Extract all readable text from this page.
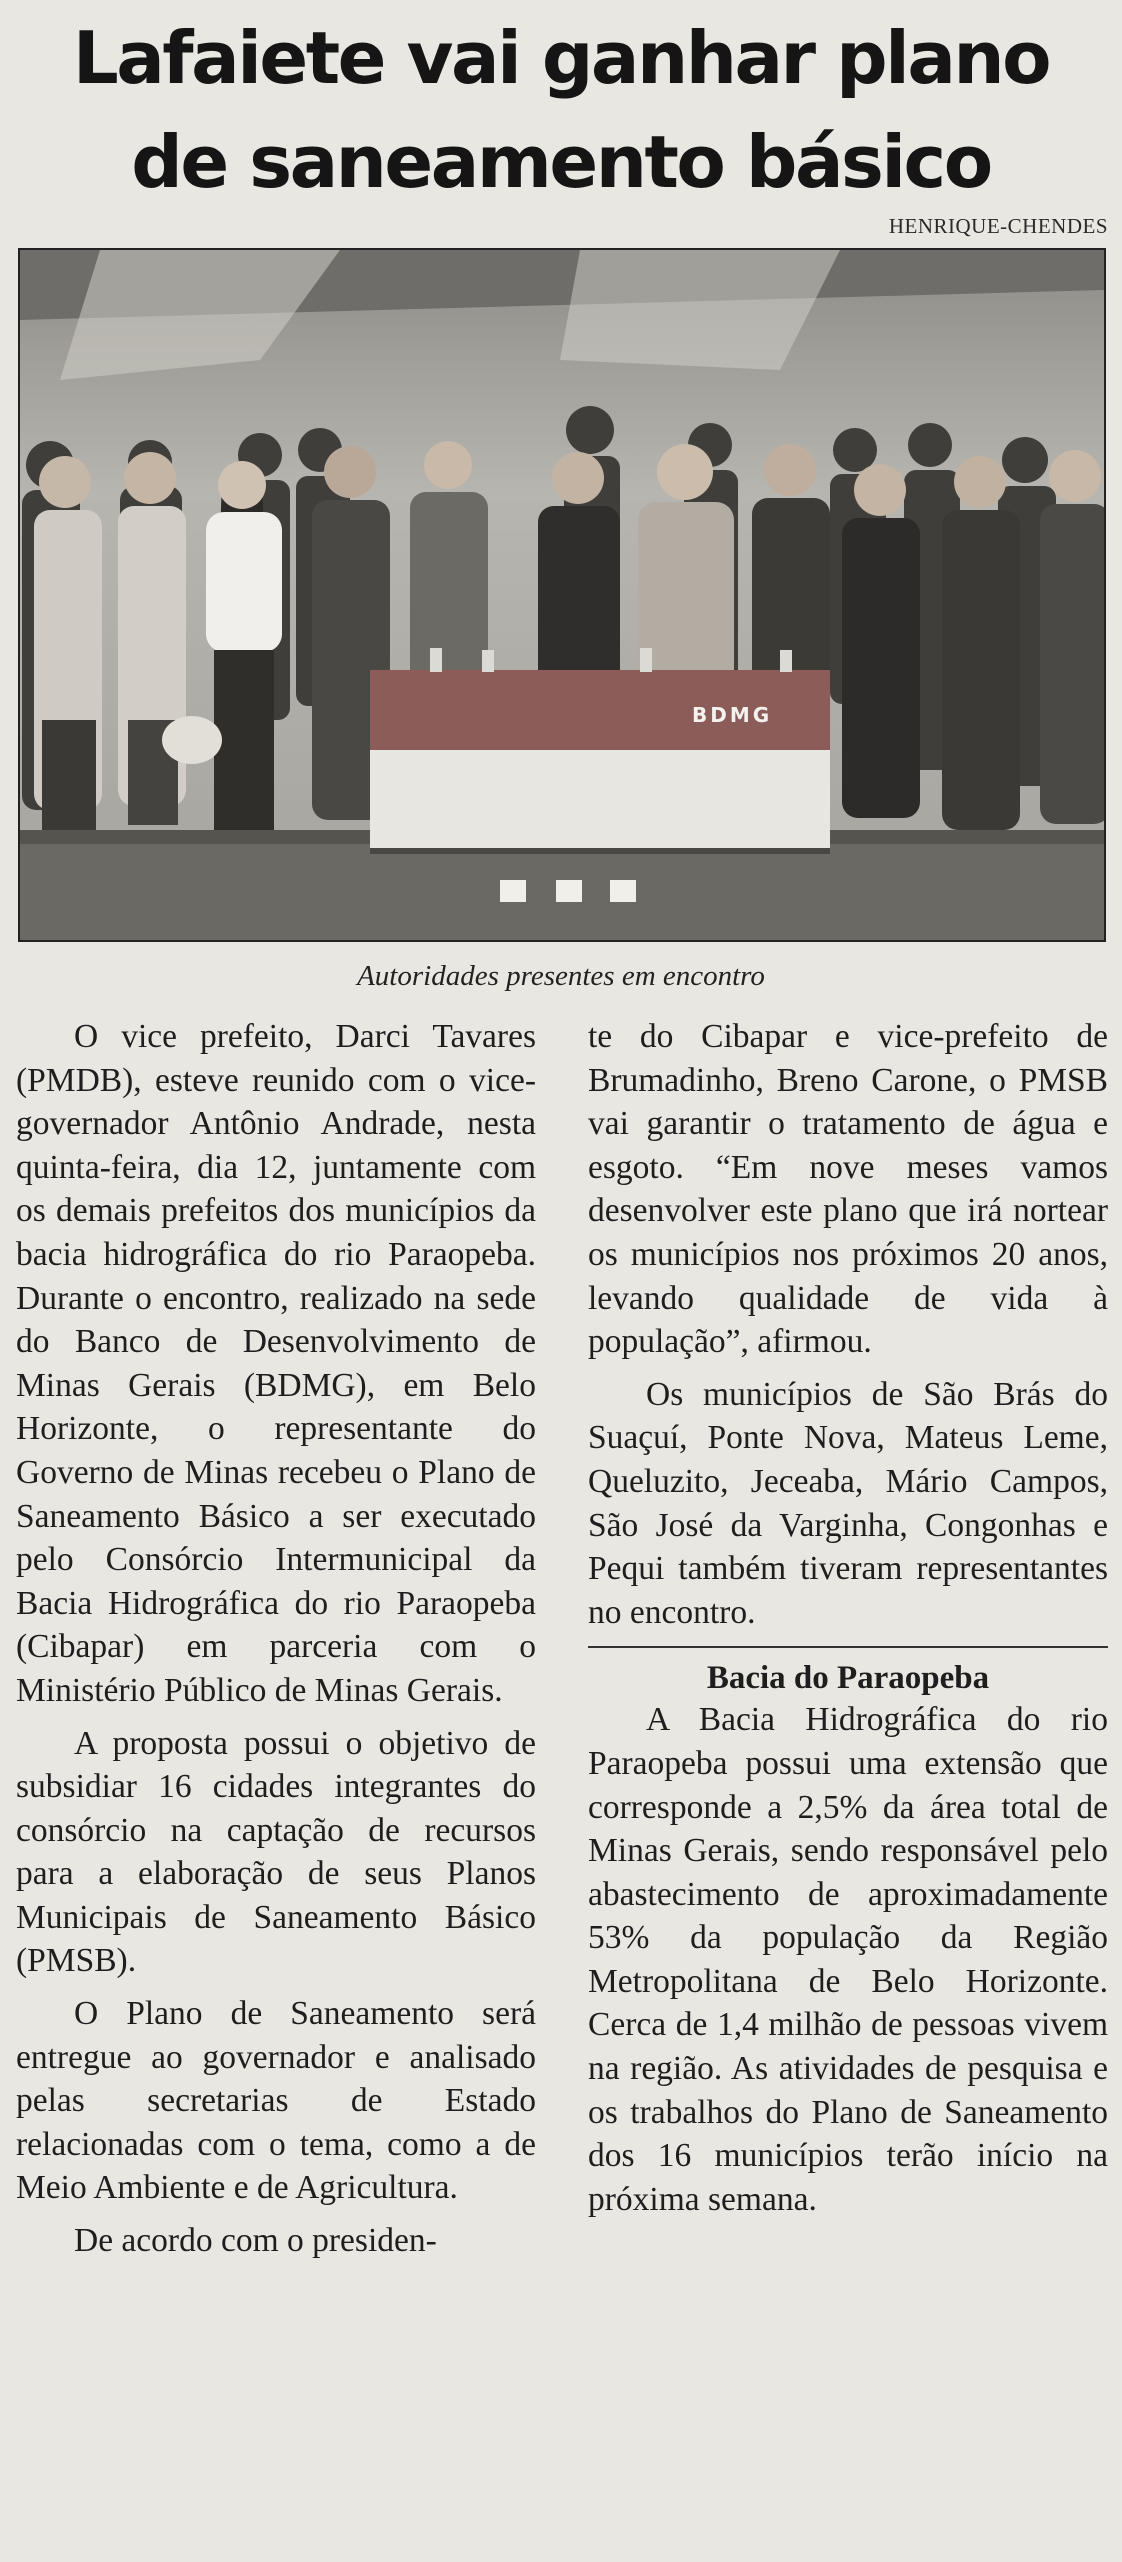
Lafaiete vai ganhar plano
de saneamento básico
HENRIQUE-CHENDES
BDMG
Autoridades presentes em encontro

O vice prefeito, Darci Tavares (PMDB), esteve reunido com o vice-governador Antônio Andrade, nesta quinta-feira, dia 12, juntamente com os demais prefeitos dos municípios da bacia hidrográfica do rio Paraopeba. Durante o encontro, realizado na sede do Banco de Desenvolvimento de Minas Gerais (BDMG), em Belo Horizonte, o representante do Governo de Minas recebeu o Plano de Saneamento Básico a ser executado pelo Consórcio Intermunicipal da Bacia Hidrográfica do rio Paraopeba (Cibapar) em parceria com o Ministério Público de Minas Gerais.

A proposta possui o objetivo de subsidiar 16 cidades integrantes do consórcio na captação de recursos para a elaboração de seus Planos Municipais de Saneamento Básico (PMSB).

O Plano de Saneamento será entregue ao governador e analisado pelas secretarias de Estado relacionadas com o tema, como a de Meio Ambiente e de Agricultura.

De acordo com o presiden-

te do Cibapar e vice-prefeito de Brumadinho, Breno Carone, o PMSB vai garantir o tratamento de água e esgoto. “Em nove meses vamos desenvolver este plano que irá nortear os municípios nos próximos 20 anos, levando qualidade de vida à população”, afirmou.

Os municípios de São Brás do Suaçuí, Ponte Nova, Mateus Leme, Queluzito, Jeceaba, Mário Campos, São José da Varginha, Congonhas e Pequi também tiveram representantes no encontro.

Bacia do Paraopeba

A Bacia Hidrográfica do rio Paraopeba possui uma extensão que corresponde a 2,5% da área total de Minas Gerais, sendo responsável pelo abastecimento de aproximadamente 53% da população da Região Metropolitana de Belo Horizonte. Cerca de 1,4 milhão de pessoas vivem na região. As atividades de pesquisa e os trabalhos do Plano de Saneamento dos 16 municípios terão início na próxima semana.
